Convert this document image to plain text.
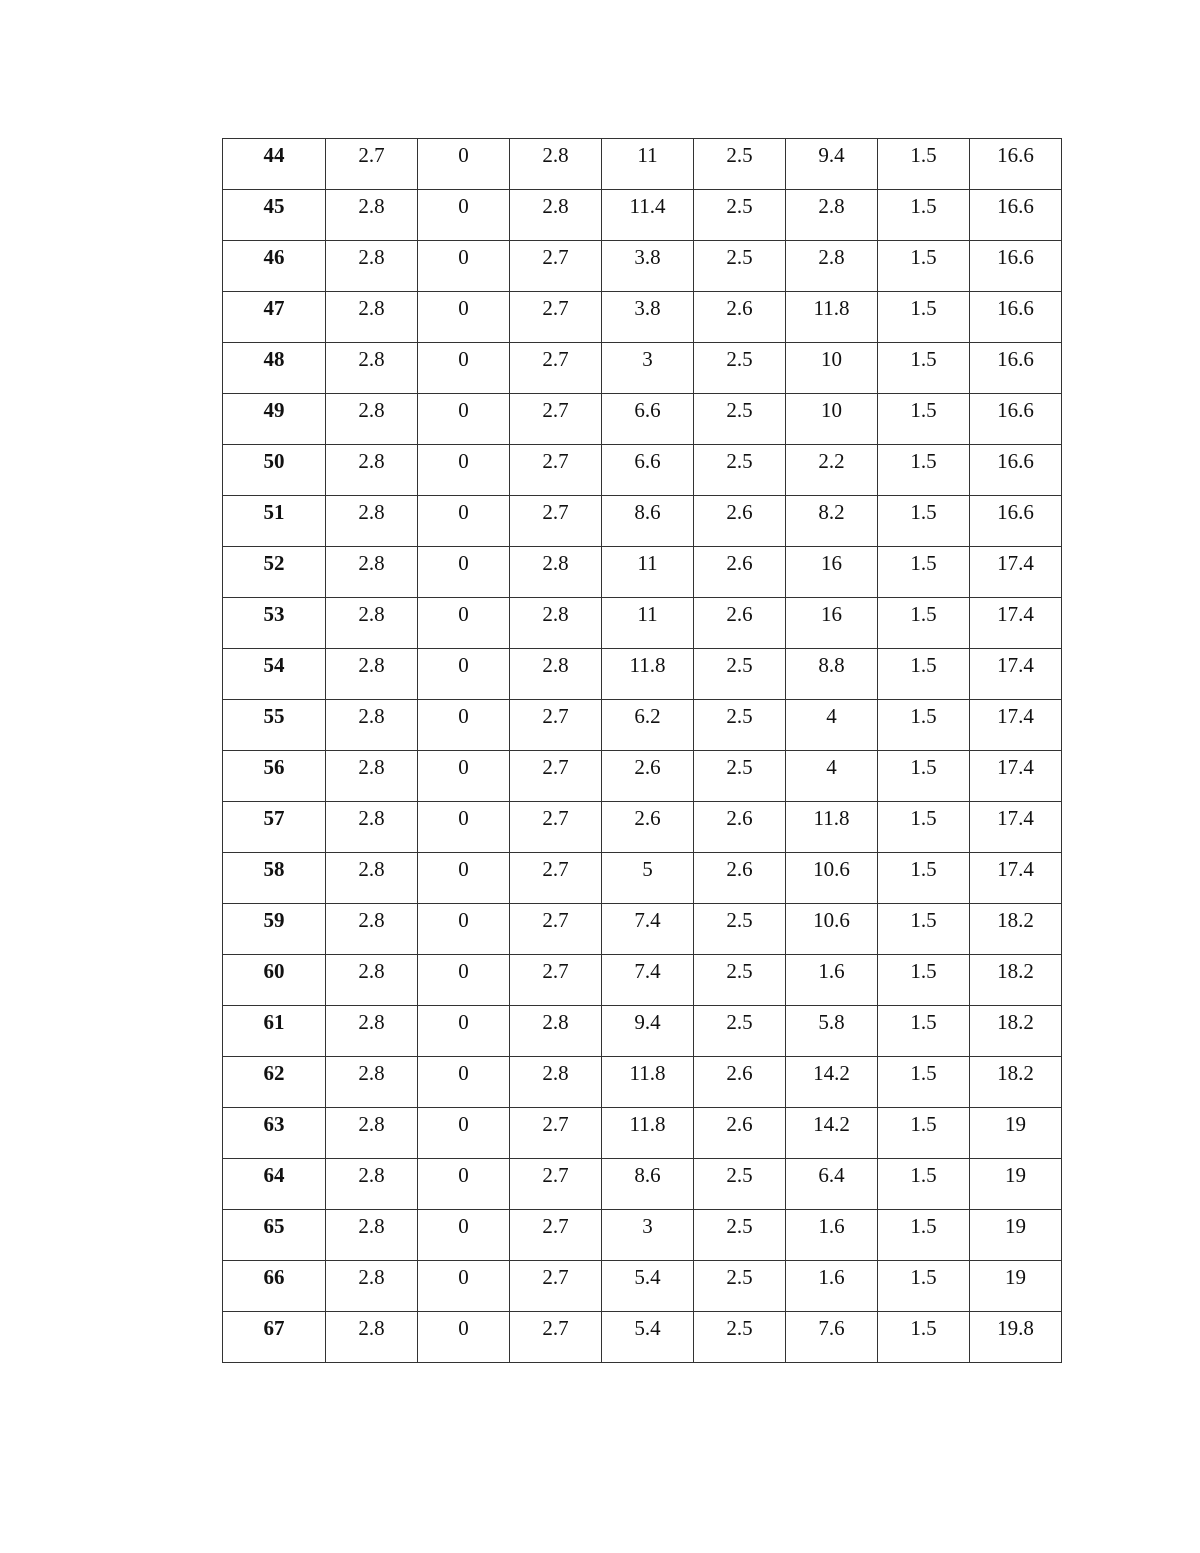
44	2.7	0	2.8	11	2.5	9.4	1.5	16.6
45	2.8	0	2.8	11.4	2.5	2.8	1.5	16.6
46	2.8	0	2.7	3.8	2.5	2.8	1.5	16.6
47	2.8	0	2.7	3.8	2.6	11.8	1.5	16.6
48	2.8	0	2.7	3	2.5	10	1.5	16.6
49	2.8	0	2.7	6.6	2.5	10	1.5	16.6
50	2.8	0	2.7	6.6	2.5	2.2	1.5	16.6
51	2.8	0	2.7	8.6	2.6	8.2	1.5	16.6
52	2.8	0	2.8	11	2.6	16	1.5	17.4
53	2.8	0	2.8	11	2.6	16	1.5	17.4
54	2.8	0	2.8	11.8	2.5	8.8	1.5	17.4
55	2.8	0	2.7	6.2	2.5	4	1.5	17.4
56	2.8	0	2.7	2.6	2.5	4	1.5	17.4
57	2.8	0	2.7	2.6	2.6	11.8	1.5	17.4
58	2.8	0	2.7	5	2.6	10.6	1.5	17.4
59	2.8	0	2.7	7.4	2.5	10.6	1.5	18.2
60	2.8	0	2.7	7.4	2.5	1.6	1.5	18.2
61	2.8	0	2.8	9.4	2.5	5.8	1.5	18.2
62	2.8	0	2.8	11.8	2.6	14.2	1.5	18.2
63	2.8	0	2.7	11.8	2.6	14.2	1.5	19
64	2.8	0	2.7	8.6	2.5	6.4	1.5	19
65	2.8	0	2.7	3	2.5	1.6	1.5	19
66	2.8	0	2.7	5.4	2.5	1.6	1.5	19
67	2.8	0	2.7	5.4	2.5	7.6	1.5	19.8
